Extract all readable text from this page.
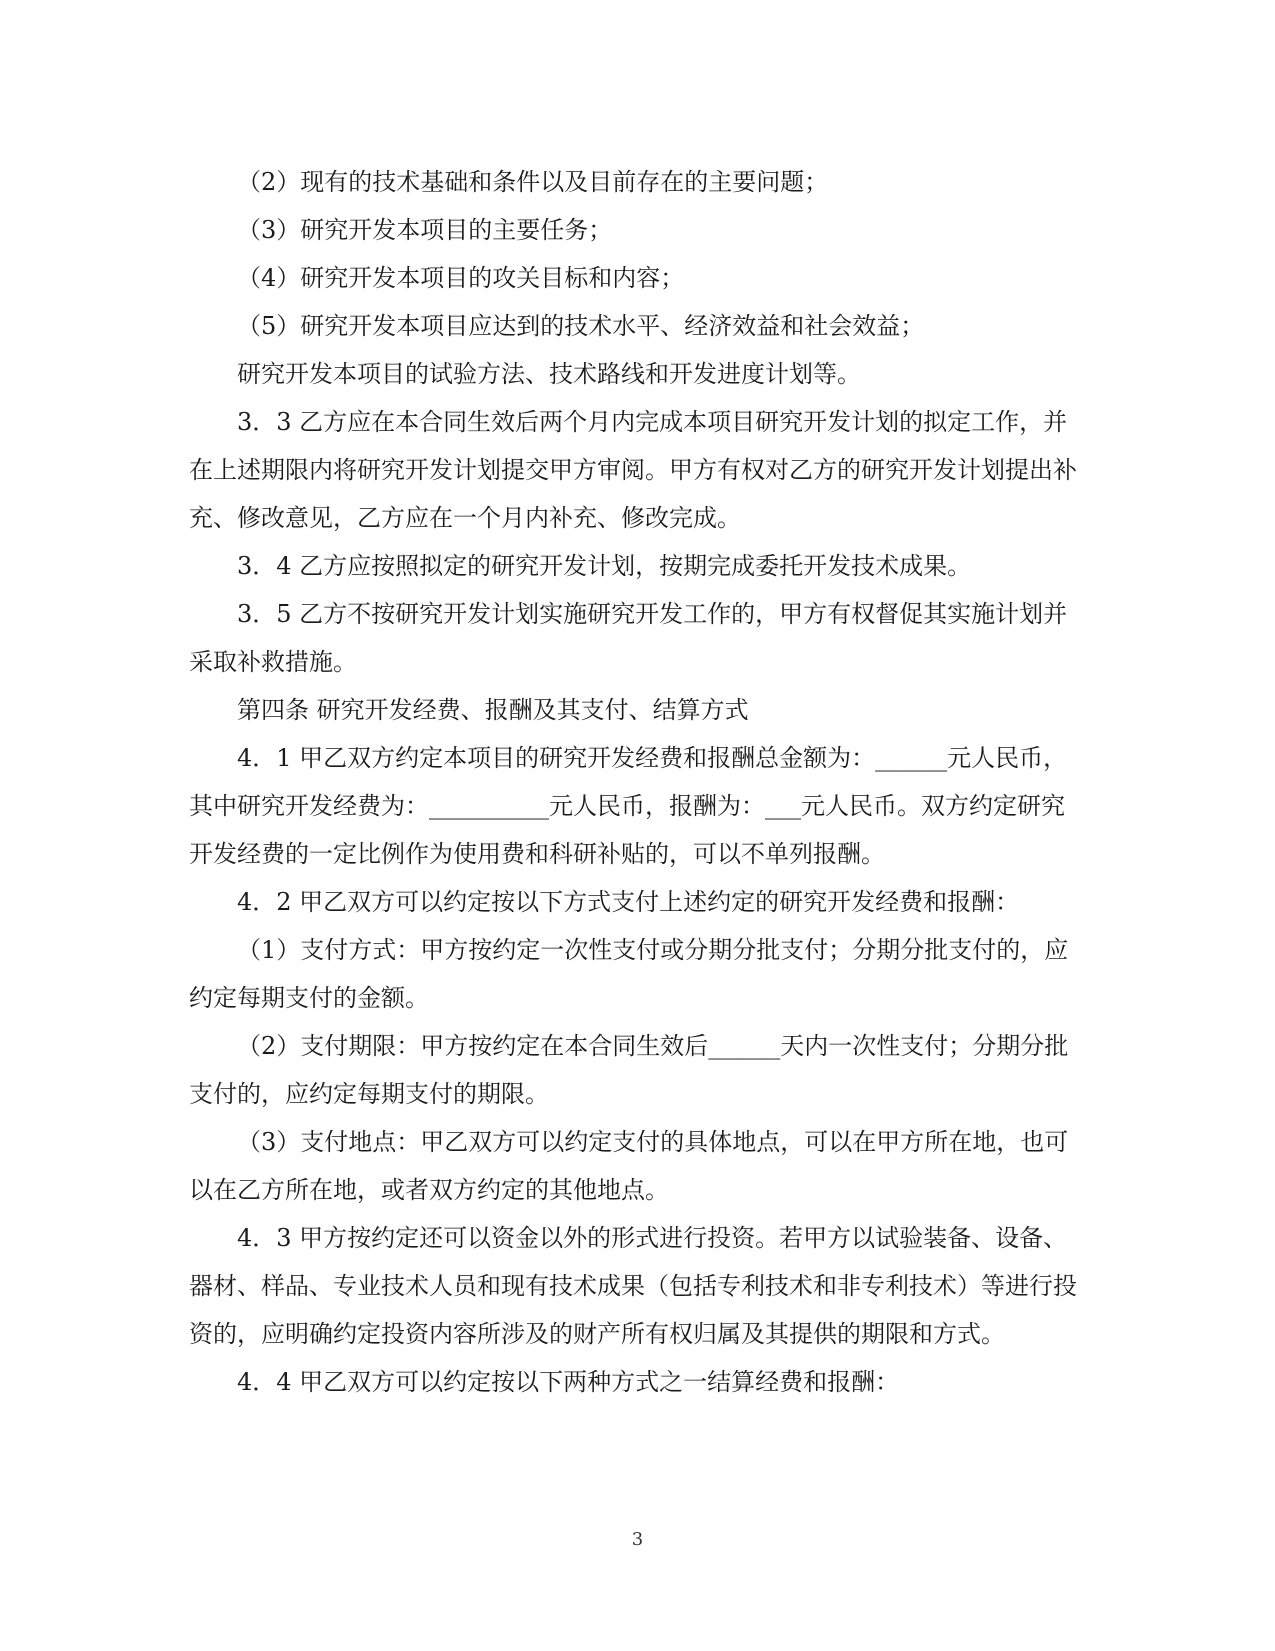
（2）现有的技术基础和条件以及目前存在的主要问题；

（3）研究开发本项目的主要任务；

（4）研究开发本项目的攻关目标和内容；

（5）研究开发本项目应达到的技术水平、经济效益和社会效益；

研究开发本项目的试验方法、技术路线和开发进度计划等。

3．3 乙方应在本合同生效后两个月内完成本项目研究开发计划的拟定工作，并在上述期限内将研究开发计划提交甲方审阅。甲方有权对乙方的研究开发计划提出补充、修改意见，乙方应在一个月内补充、修改完成。

3．4 乙方应按照拟定的研究开发计划，按期完成委托开发技术成果。

3．5 乙方不按研究开发计划实施研究开发工作的，甲方有权督促其实施计划并采取补救措施。

第四条 研究开发经费、报酬及其支付、结算方式

4．1 甲乙双方约定本项目的研究开发经费和报酬总金额为：______元人民币，其中研究开发经费为：__________元人民币，报酬为：___元人民币。双方约定研究开发经费的一定比例作为使用费和科研补贴的，可以不单列报酬。

4．2 甲乙双方可以约定按以下方式支付上述约定的研究开发经费和报酬：

（1）支付方式：甲方按约定一次性支付或分期分批支付；分期分批支付的，应约定每期支付的金额。

（2）支付期限：甲方按约定在本合同生效后______天内一次性支付；分期分批支付的，应约定每期支付的期限。

（3）支付地点：甲乙双方可以约定支付的具体地点，可以在甲方所在地，也可以在乙方所在地，或者双方约定的其他地点。

4．3 甲方按约定还可以资金以外的形式进行投资。若甲方以试验装备、设备、器材、样品、专业技术人员和现有技术成果（包括专利技术和非专利技术）等进行投资的，应明确约定投资内容所涉及的财产所有权归属及其提供的期限和方式。

4．4 甲乙双方可以约定按以下两种方式之一结算经费和报酬：

3
